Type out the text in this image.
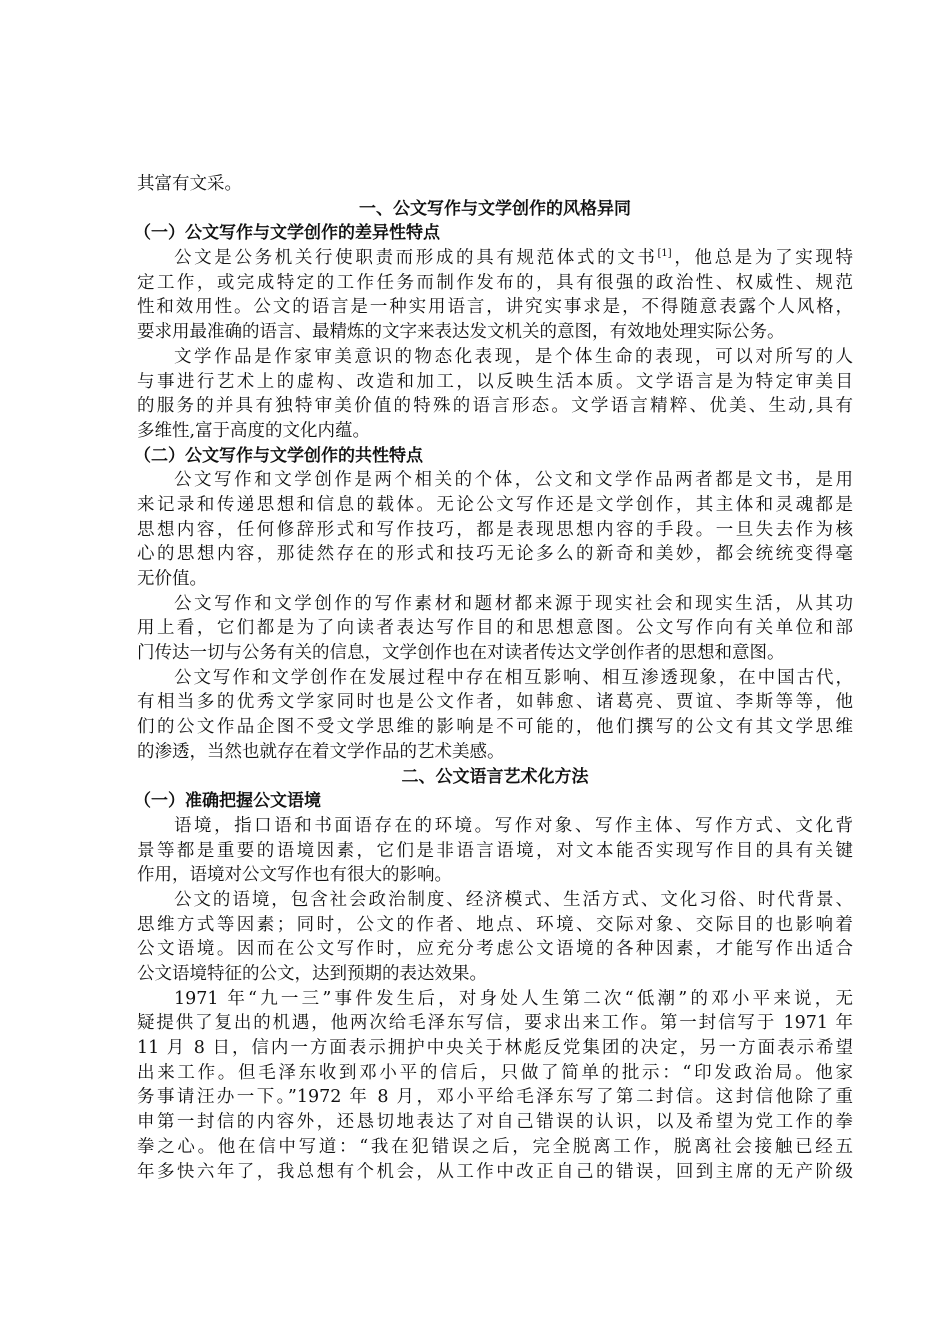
其富有文采。
一、公文写作与文学创作的风格异同
（一）公文写作与文学创作的差异性特点
公文是公务机关行使职责而形成的具有规范体式的文书[1]，他总是为了实现特
定工作，或完成特定的工作任务而制作发布的，具有很强的政治性、权威性、规范
性和效用性。公文的语言是一种实用语言，讲究实事求是，不得随意表露个人风格，
要求用最准确的语言、最精炼的文字来表达发文机关的意图，有效地处理实际公务。
文学作品是作家审美意识的物态化表现，是个体生命的表现，可以对所写的人
与事进行艺术上的虚构、改造和加工，以反映生活本质。文学语言是为特定审美目
的服务的并具有独特审美价值的特殊的语言形态。文学语言精粹、优美、生动,具有
多维性,富于高度的文化内蕴。
（二）公文写作与文学创作的共性特点
公文写作和文学创作是两个相关的个体，公文和文学作品两者都是文书，是用
来记录和传递思想和信息的载体。无论公文写作还是文学创作，其主体和灵魂都是
思想内容，任何修辞形式和写作技巧，都是表现思想内容的手段。一旦失去作为核
心的思想内容，那徒然存在的形式和技巧无论多么的新奇和美妙，都会统统变得毫
无价值。
公文写作和文学创作的写作素材和题材都来源于现实社会和现实生活，从其功
用上看，它们都是为了向读者表达写作目的和思想意图。公文写作向有关单位和部
门传达一切与公务有关的信息，文学创作也在对读者传达文学创作者的思想和意图。
公文写作和文学创作在发展过程中存在相互影响、相互渗透现象，在中国古代，
有相当多的优秀文学家同时也是公文作者，如韩愈、诸葛亮、贾谊、李斯等等，他
们的公文作品企图不受文学思维的影响是不可能的，他们撰写的公文有其文学思维
的渗透，当然也就存在着文学作品的艺术美感。
二、公文语言艺术化方法
（一）准确把握公文语境
语境，指口语和书面语存在的环境。写作对象、写作主体、写作方式、文化背
景等都是重要的语境因素，它们是非语言语境，对文本能否实现写作目的具有关键
作用，语境对公文写作也有很大的影响。
公文的语境，包含社会政治制度、经济模式、生活方式、文化习俗、时代背景、
思维方式等因素；同时，公文的作者、地点、环境、交际对象、交际目的也影响着
公文语境。因而在公文写作时，应充分考虑公文语境的各种因素，才能写作出适合
公文语境特征的公文，达到预期的表达效果。
1971 年“九一三”事件发生后，对身处人生第二次“低潮”的邓小平来说，无
疑提供了复出的机遇，他两次给毛泽东写信，要求出来工作。第一封信写于 1971 年
11 月 8 日，信内一方面表示拥护中央关于林彪反党集团的决定，另一方面表示希望
出来工作。但毛泽东收到邓小平的信后，只做了简单的批示：“印发政治局。他家
务事请汪办一下。”1972 年 8 月，邓小平给毛泽东写了第二封信。这封信他除了重
申第一封信的内容外，还恳切地表达了对自己错误的认识，以及希望为党工作的拳
拳之心。他在信中写道：“我在犯错误之后，完全脱离工作，脱离社会接触已经五
年多快六年了，我总想有个机会，从工作中改正自己的错误，回到主席的无产阶级
